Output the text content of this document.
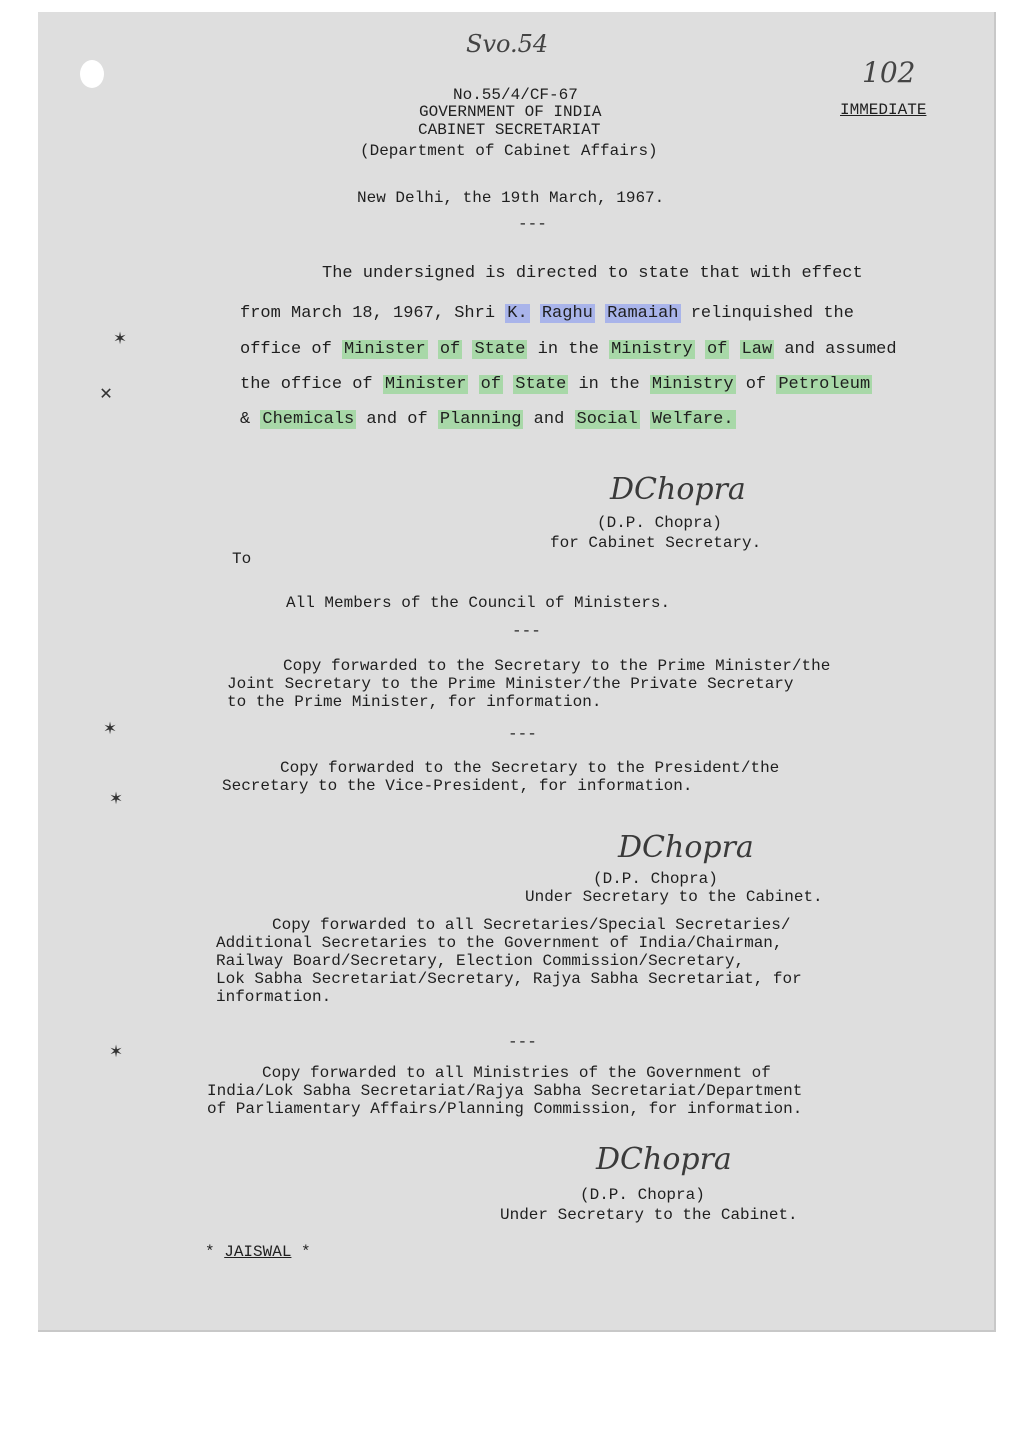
✶
✕
✶
✶
✶
Svo.54
102
No.55/4/CF-67
IMMEDIATE
GOVERNMENT OF INDIA
CABINET SECRETARIAT
(Department of Cabinet Affairs)
New Delhi, the 19th March, 1967.
---
The undersigned is directed to state that with effect
from March 18, 1967, Shri K. Raghu Ramaiah relinquished the
office of Minister of State in the Ministry of Law and assumed
the office of Minister of State in the Ministry of Petroleum
& Chemicals and of Planning and Social Welfare.
DChopra
(D.P. Chopra)
for Cabinet Secretary.
To
All Members of the Council of Ministers.
---
Copy forwarded to the Secretary to the Prime Minister/the
Joint Secretary to the Prime Minister/the Private Secretary
to the Prime Minister, for information.
---
Copy forwarded to the Secretary to the President/the
Secretary to the Vice-President, for information.
DChopra
(D.P. Chopra)
Under Secretary to the Cabinet.
Copy forwarded to all Secretaries/Special Secretaries/
Additional Secretaries to the Government of India/Chairman,
Railway Board/Secretary, Election Commission/Secretary,
Lok Sabha Secretariat/Secretary, Rajya Sabha Secretariat, for
information.
---
Copy forwarded to all Ministries of the Government of
India/Lok Sabha Secretariat/Rajya Sabha Secretariat/Department
of Parliamentary Affairs/Planning Commission, for information.
DChopra
(D.P. Chopra)
Under Secretary to the Cabinet.
* JAISWAL *
